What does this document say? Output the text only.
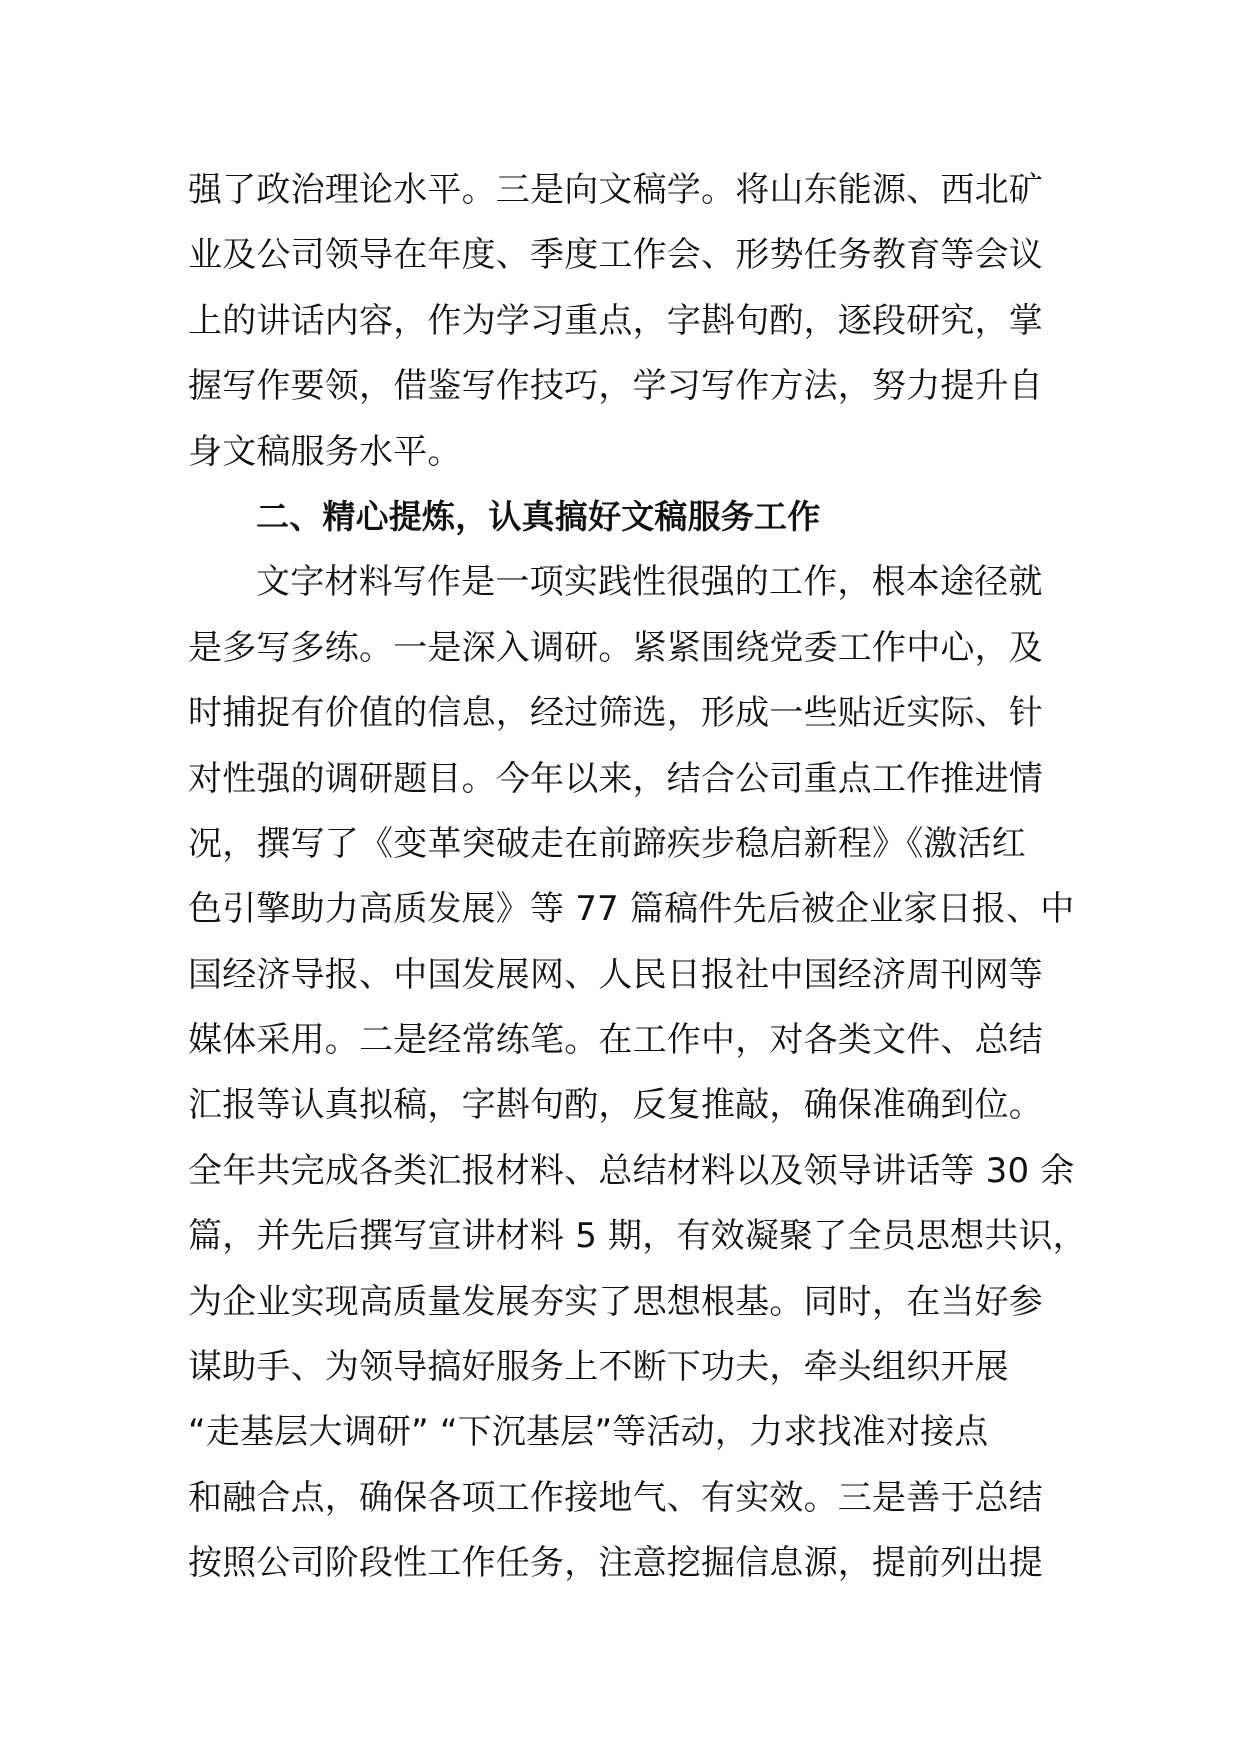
强了政治理论水平。三是向文稿学。将山东能源、西北矿
业及公司领导在年度、季度工作会、形势任务教育等会议
上的讲话内容，作为学习重点，字斟句酌，逐段研究，掌
握写作要领，借鉴写作技巧，学习写作方法，努力提升自
身文稿服务水平。
二、精心提炼，认真搞好文稿服务工作
文字材料写作是一项实践性很强的工作，根本途径就
是多写多练。一是深入调研。紧紧围绕党委工作中心，及
时捕捉有价值的信息，经过筛选，形成一些贴近实际、针
对性强的调研题目。今年以来，结合公司重点工作推进情
况，撰写了《变革突破走在前蹄疾步稳启新程》《激活红
色引擎助力高质发展》等 77 篇稿件先后被企业家日报、中
国经济导报、中国发展网、人民日报社中国经济周刊网等
媒体采用。二是经常练笔。在工作中，对各类文件、总结
汇报等认真拟稿，字斟句酌，反复推敲，确保准确到位。
全年共完成各类汇报材料、总结材料以及领导讲话等 30 余
篇，并先后撰写宣讲材料 5 期，有效凝聚了全员思想共识，
为企业实现高质量发展夯实了思想根基。同时，在当好参
谋助手、为领导搞好服务上不断下功夫，牵头组织开展
“走基层大调研” “下沉基层”等活动，力求找准对接点
和融合点，确保各项工作接地气、有实效。三是善于总结
按照公司阶段性工作任务，注意挖掘信息源，提前列出提
